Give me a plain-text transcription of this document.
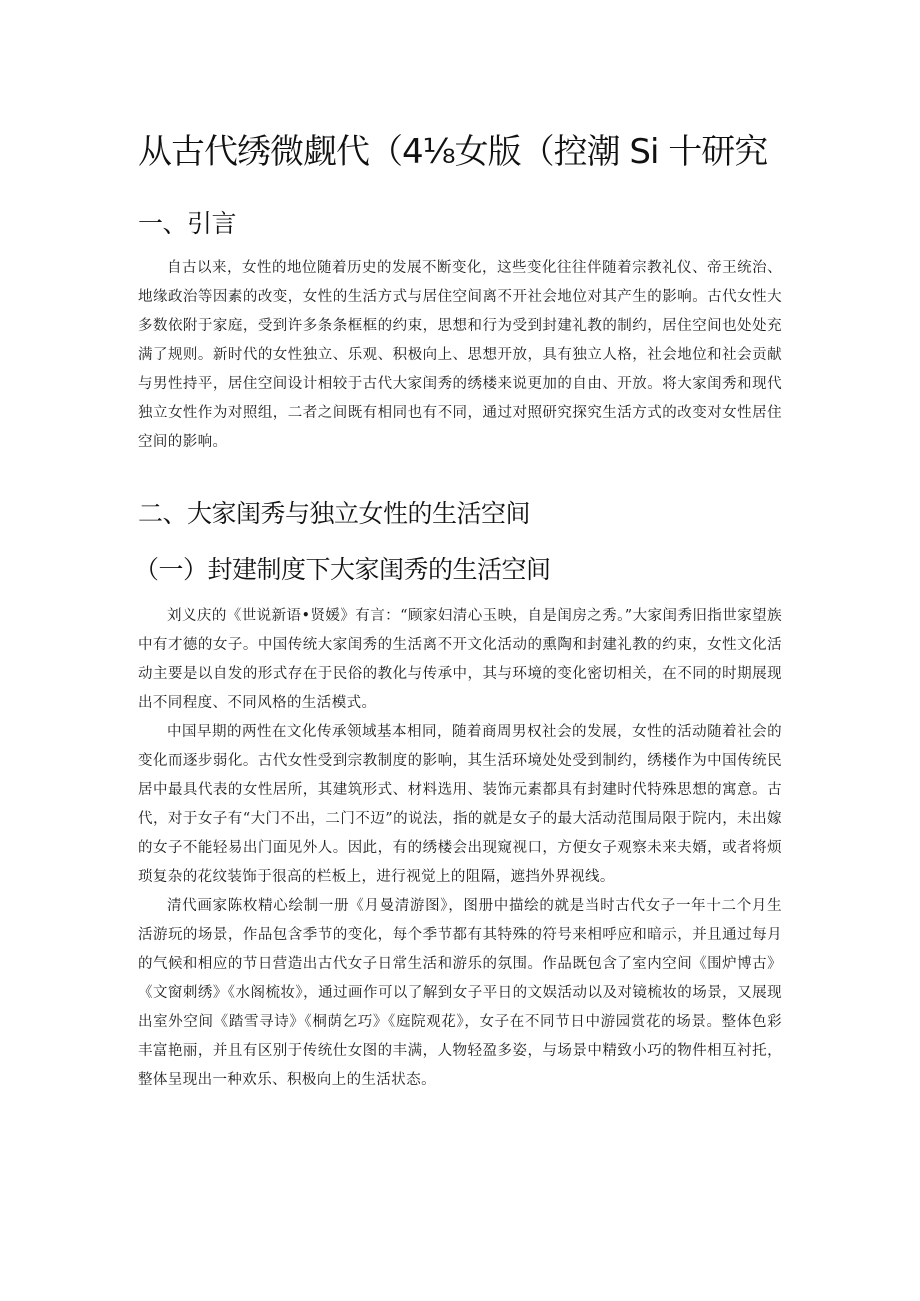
从古代绣微觑代（4⅛女版（控潮 Si 十研究
一、引言

自古以来，女性的地位随着历史的发展不断变化，这些变化往往伴随着宗教礼仪、帝王统治、地缘政治等因素的改变，女性的生活方式与居住空间离不开社会地位对其产生的影响。古代女性大多数依附于家庭，受到许多条条框框的约束，思想和行为受到封建礼教的制约，居住空间也处处充满了规则。新时代的女性独立、乐观、积极向上、思想开放，具有独立人格，社会地位和社会贡献与男性持平，居住空间设计相较于古代大家闺秀的绣楼来说更加的自由、开放。将大家闺秀和现代独立女性作为对照组，二者之间既有相同也有不同，通过对照研究探究生活方式的改变对女性居住空间的影响。

二、大家闺秀与独立女性的生活空间
（一）封建制度下大家闺秀的生活空间

刘义庆的《世说新语•贤媛》有言：“顾家妇清心玉映，自是闺房之秀。”大家闺秀旧指世家望族中有才德的女子。中国传统大家闺秀的生活离不开文化活动的熏陶和封建礼教的约束，女性文化活动主要是以自发的形式存在于民俗的教化与传承中，其与环境的变化密切相关，在不同的时期展现出不同程度、不同风格的生活模式。

中国早期的两性在文化传承领域基本相同，随着商周男权社会的发展，女性的活动随着社会的变化而逐步弱化。古代女性受到宗教制度的影响，其生活环境处处受到制约，绣楼作为中国传统民居中最具代表的女性居所，其建筑形式、材料选用、装饰元素都具有封建时代特殊思想的寓意。古代，对于女子有“大门不出，二门不迈”的说法，指的就是女子的最大活动范围局限于院内，未出嫁的女子不能轻易出门面见外人。因此，有的绣楼会出现窥视口，方便女子观察未来夫婿，或者将烦琐复杂的花纹装饰于很高的栏板上，进行视觉上的阻隔，遮挡外界视线。

清代画家陈枚精心绘制一册《月曼清游图》，图册中描绘的就是当时古代女子一年十二个月生活游玩的场景，作品包含季节的变化，每个季节都有其特殊的符号来相呼应和暗示，并且通过每月的气候和相应的节日营造出古代女子日常生活和游乐的氛围。作品既包含了室内空间《围炉博古》《文窗刺绣》《水阁梳妆》，通过画作可以了解到女子平日的文娱活动以及对镜梳妆的场景，又展现出室外空间《踏雪寻诗》《桐荫乞巧》《庭院观花》，女子在不同节日中游园赏花的场景。整体色彩丰富艳丽，并且有区别于传统仕女图的丰满，人物轻盈多姿，与场景中精致小巧的物件相互衬托，整体呈现出一种欢乐、积极向上的生活状态。
